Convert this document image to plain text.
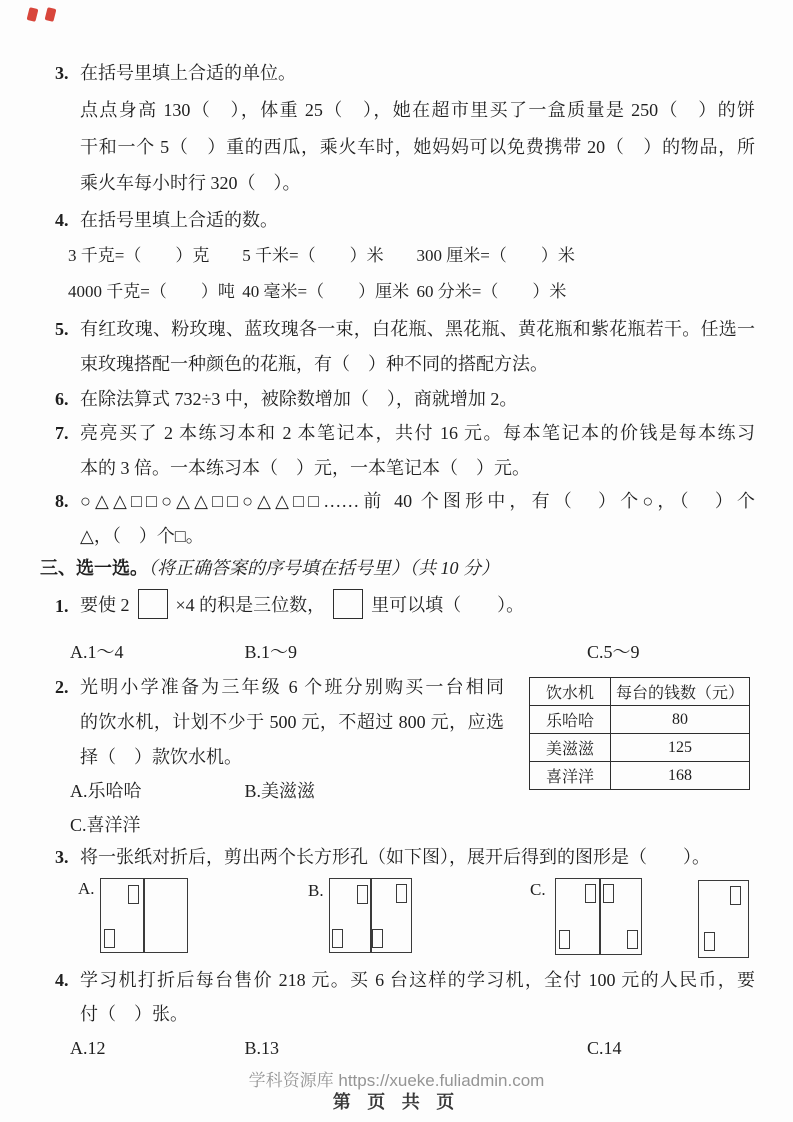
3. 在括号里填上合适的单位。
点点身高 130（　），体重 25（　），她在超市里买了一盒质量是 250（　）的饼
干和一个 5（　）重的西瓜，乘火车时，她妈妈可以免费携带 20（　）的物品，所
乘火车每小时行 320（　）。
4. 在括号里填上合适的数。
3 千克=（　　）克 5 千米=（　　）米 300 厘米=（　　）米
4000 千克=（　　）吨 40 毫米=（　　）厘米 60 分米=（　　）米
5. 有红玫瑰、粉玫瑰、蓝玫瑰各一束，白花瓶、黑花瓶、黄花瓶和紫花瓶若干。任选一
束玫瑰搭配一种颜色的花瓶，有（　）种不同的搭配方法。
6. 在除法算式 732÷3 中，被除数增加（　），商就增加 2。
7. 亮亮买了 2 本练习本和 2 本笔记本，共付 16 元。每本笔记本的价钱是每本练习
本的 3 倍。一本练习本（　）元，一本笔记本（　）元。
8. ○△△□□○△△□□○△△□□……前 40 个图形中，有（　）个○，（　）个
△，（　）个□。
三、选一选。（将正确答案的序号填在括号里）（共 10 分）
1. 要使 2	×4 的积是三位数，	里可以填（　　）。
A.1～4	B.1～9	C.5～9
2. 光明小学准备为三年级 6 个班分别购买一台相同
的饮水机，计划不少于 500 元，不超过 800 元，应选
择（　）款饮水机。
A.乐哈哈	B.美滋滋
C.喜洋洋
饮水机	每台的钱数（元）
乐哈哈	80
美滋滋	125
喜洋洋	168
3. 将一张纸对折后，剪出两个长方形孔（如下图），展开后得到的图形是（　　）。
A.	B.	C.
4. 学习机打折后每台售价 218 元。买 6 台这样的学习机，全付 100 元的人民币，要
付（　）张。
A.12	B.13	C.14
学科资源库 https://xueke.fuliadmin.com
第 页 共 页
